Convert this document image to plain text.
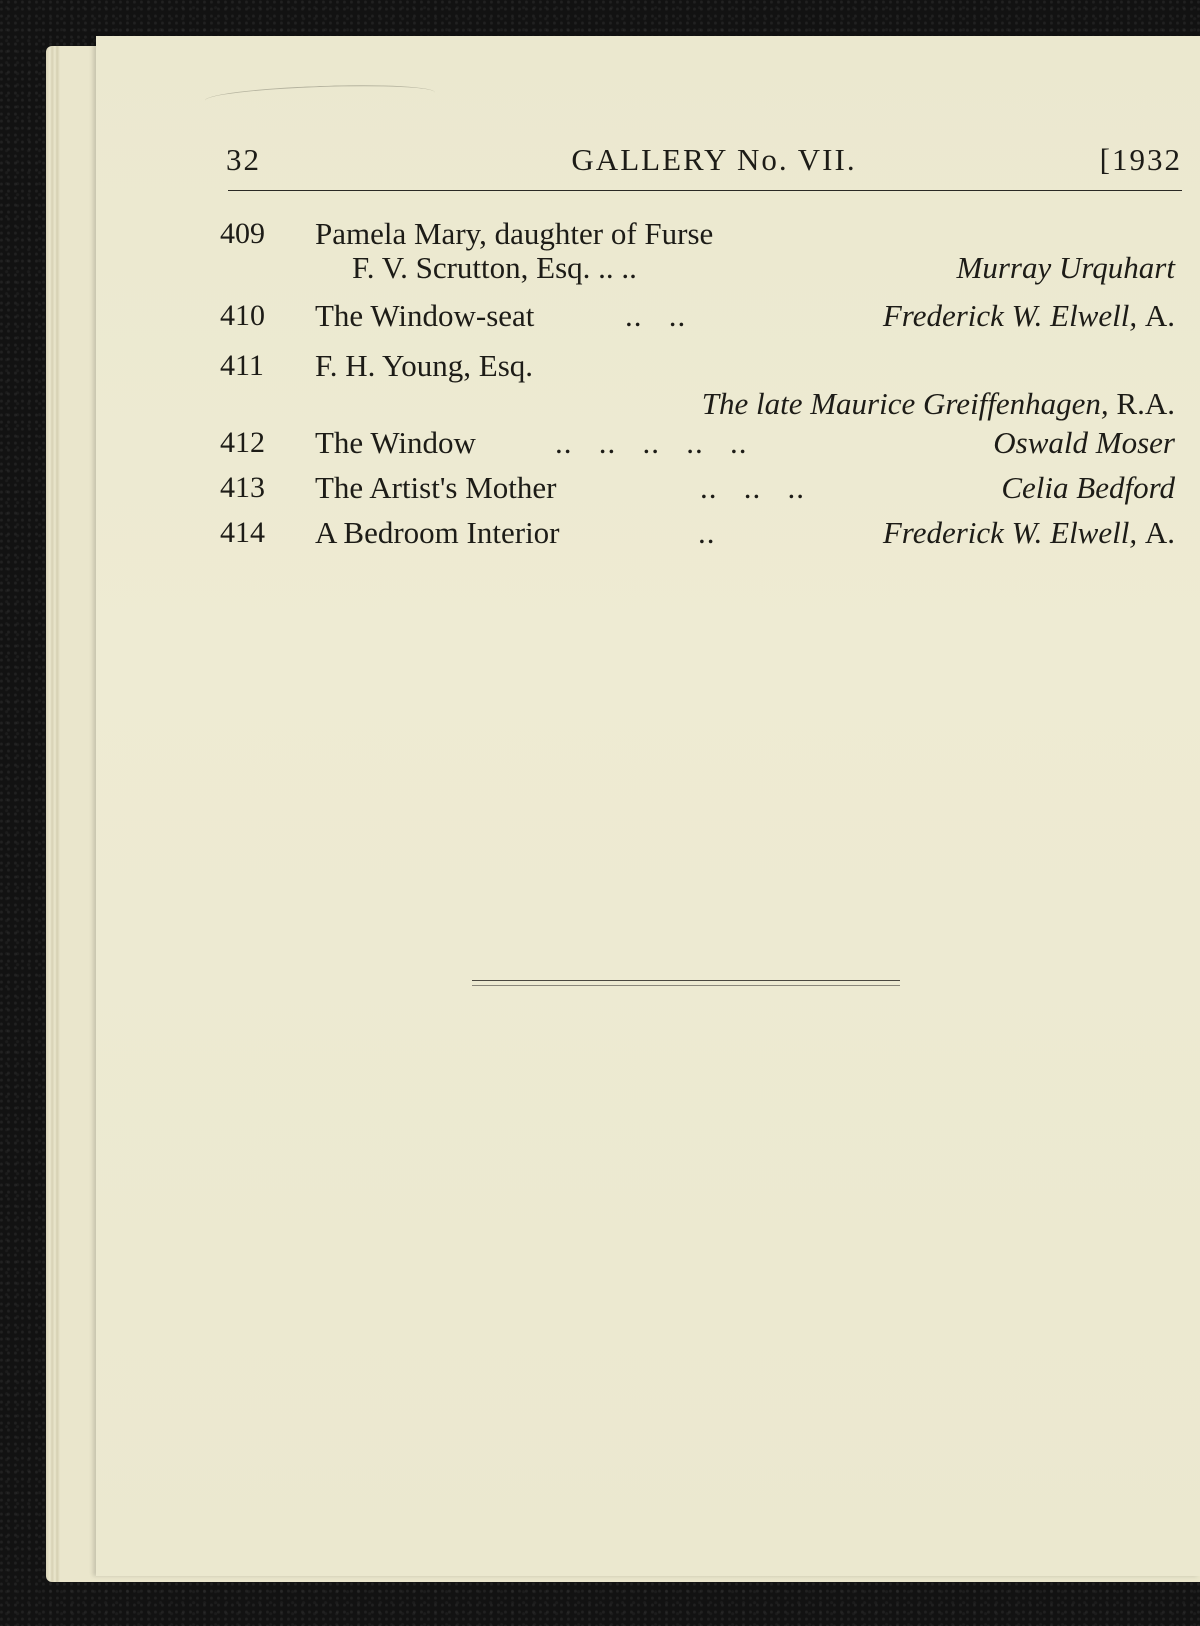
32	GALLERY No. VII.	[1932
409 Pamela Mary, daughter of Furse
F. V. Scrutton, Esq. .. ..	Murray Urquhart
410 The Window-seat	..   ..	Frederick W. Elwell, A.
411 F. H. Young, Esq.
The late Maurice Greiffenhagen, R.A.
412 The Window	..   ..   ..   ..   ..	Oswald Moser
413 The Artist's Mother	..   ..   ..	Celia Bedford
414 A Bedroom Interior	..	Frederick W. Elwell, A.
